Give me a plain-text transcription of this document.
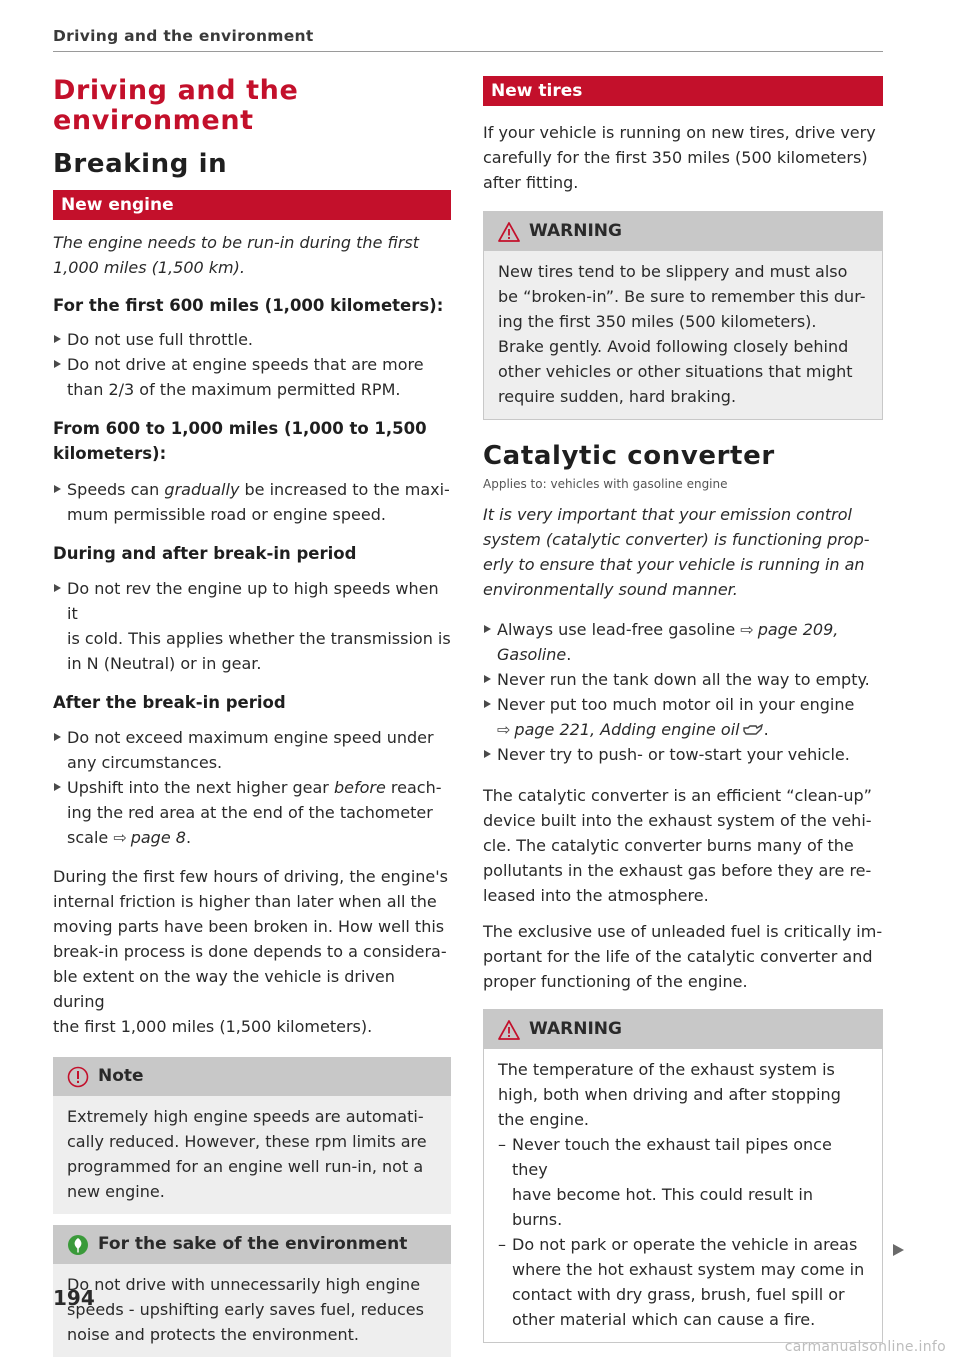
Driving and the environment
Driving and the
environment
Breaking in
New engine

The engine needs to be run-in during the first

1,000 miles (1,500 km).

For the first 600 miles (1,000 kilometers):

Do not use full throttle.

Do not drive at engine speeds that are more
than 2/3 of the maximum permitted RPM.

From 600 to 1,000 miles (1,000 to 1,500
kilometers):

Speeds can gradually be increased to the maxi-
mum permissible road or engine speed.

During and after break-in period

Do not rev the engine up to high speeds when it
is cold. This applies whether the transmission is
in N (Neutral) or in gear.

After the break-in period

Do not exceed maximum engine speed under
any circumstances.

Upshift into the next higher gear before reach-
ing the red area at the end of the tachometer
scale ⇨ page 8.

During the first few hours of driving, the engine's

internal friction is higher than later when all the

moving parts have been broken in. How well this

break-in process is done depends to a considera-

ble extent on the way the vehicle is driven during

the first 1,000 miles (1,500 kilometers).

Note

Extremely high engine speeds are automati-

cally reduced. However, these rpm limits are

programmed for an engine well run-in, not a

new engine.

For the sake of the environment

Do not drive with unnecessarily high engine

speeds - upshifting early saves fuel, reduces

noise and protects the environment.

New tires

If your vehicle is running on new tires, drive very

carefully for the first 350 miles (500 kilometers)

after fitting.

WARNING

New tires tend to be slippery and must also

be “broken-in”. Be sure to remember this dur-

ing the first 350 miles (500 kilometers).

Brake gently. Avoid following closely behind

other vehicles or other situations that might

require sudden, hard braking.

Catalytic converter

Applies to: vehicles with gasoline engine

It is very important that your emission control

system (catalytic converter) is functioning prop-

erly to ensure that your vehicle is running in an

environmentally sound manner.

Always use lead-free gasoline ⇨ page 209,
Gasoline.

Never run the tank down all the way to empty.

Never put too much motor oil in your engine
⇨ page 221, Adding engine oil .

Never try to push- or tow-start your vehicle.

The catalytic converter is an efficient “clean-up”

device built into the exhaust system of the vehi-

cle. The catalytic converter burns many of the

pollutants in the exhaust gas before they are re-

leased into the atmosphere.

The exclusive use of unleaded fuel is critically im-

portant for the life of the catalytic converter and

proper functioning of the engine.

WARNING

The temperature of the exhaust system is

high, both when driving and after stopping

the engine.

– Never touch the exhaust tail pipes once they
have become hot. This could result in burns.

– Do not park or operate the vehicle in areas
where the hot exhaust system may come in
contact with dry grass, brush, fuel spill or
other material which can cause a fire.

194
carmanualsonline.info
